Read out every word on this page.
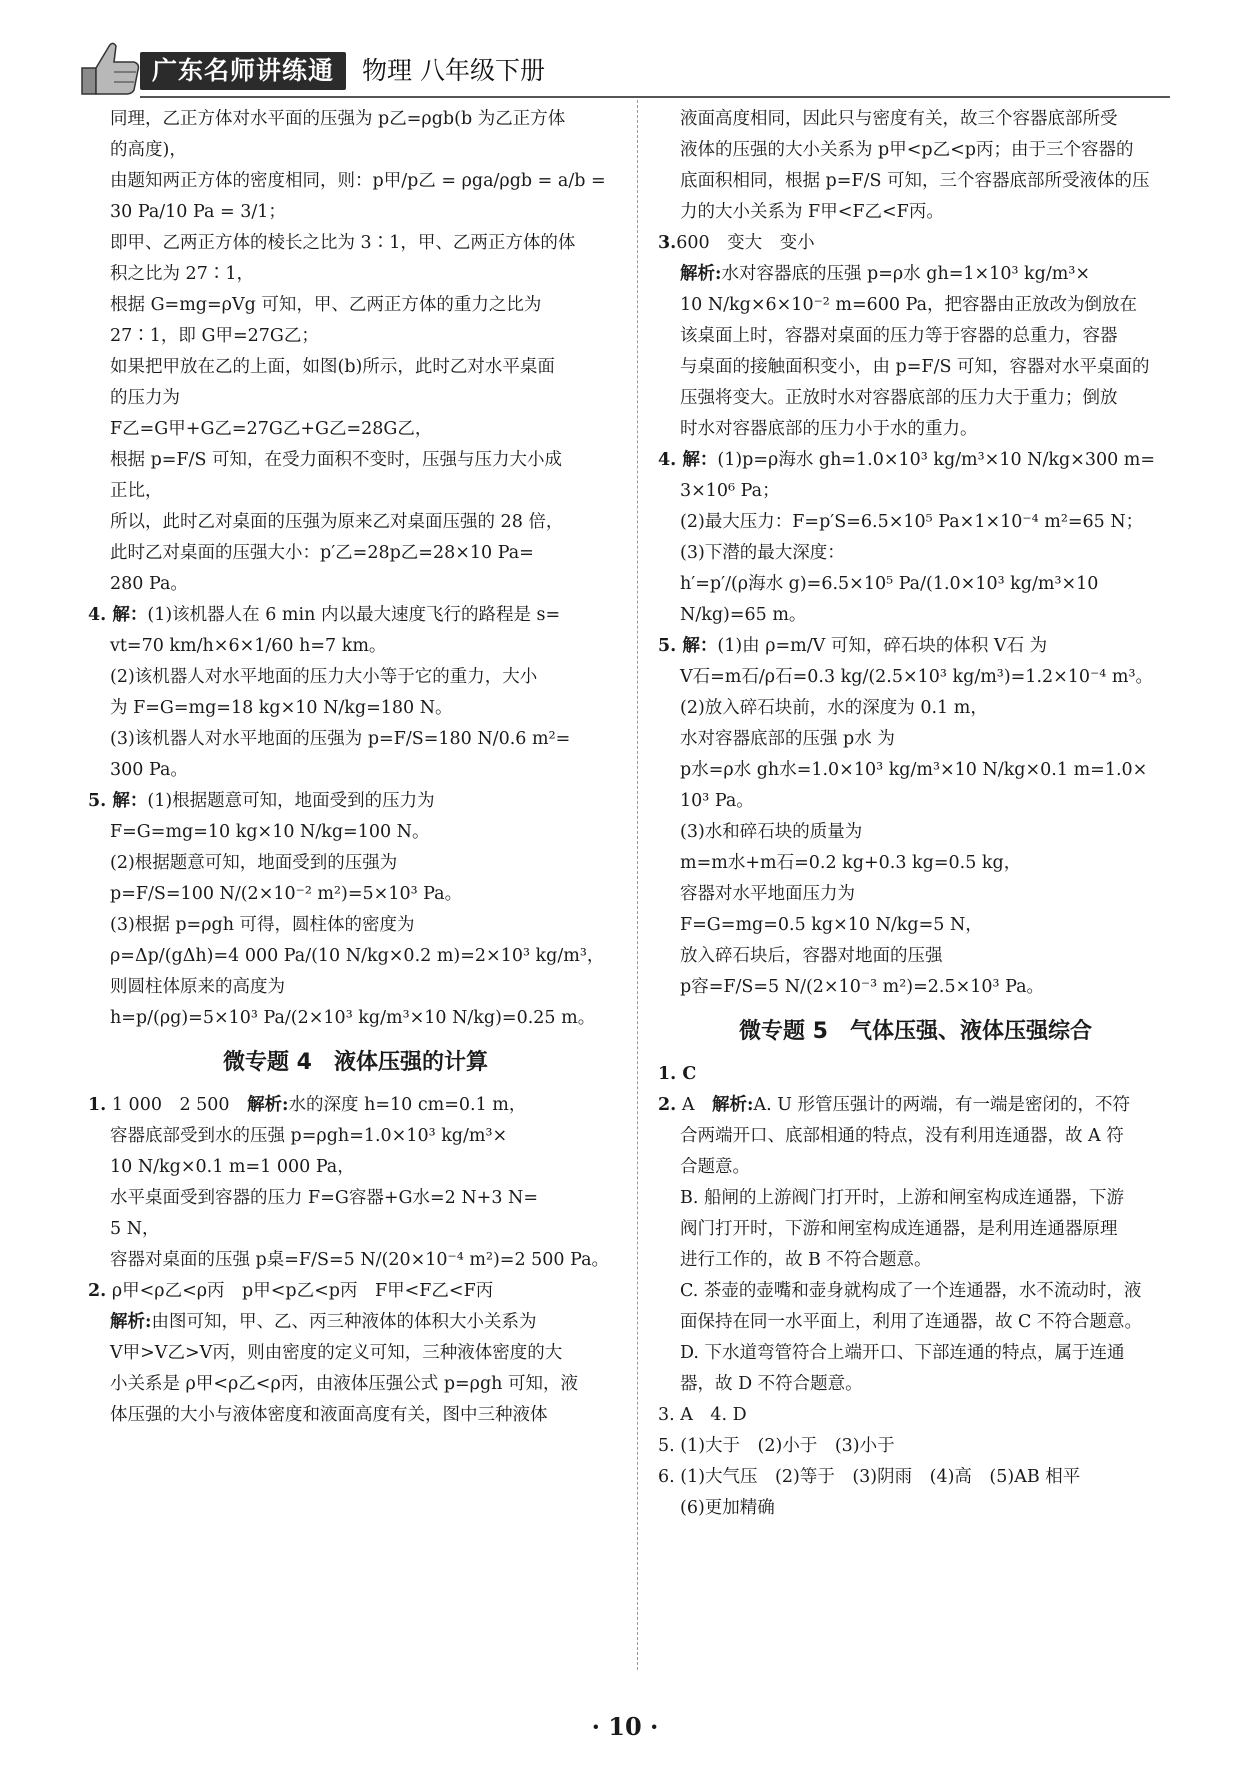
广东名师讲练通	物理 八年级下册

同理，乙正方体对水平面的压强为 p乙=ρgb(b 为乙正方体

的高度)，

由题知两正方体的密度相同，则：p甲/p乙 = ρga/ρgb = a/b =

30 Pa/10 Pa = 3/1；

即甲、乙两正方体的棱长之比为 3∶1，甲、乙两正方体的体

积之比为 27∶1，

根据 G=mg=ρVg 可知，甲、乙两正方体的重力之比为

27∶1，即 G甲=27G乙；

如果把甲放在乙的上面，如图(b)所示，此时乙对水平桌面

的压力为

F乙=G甲+G乙=27G乙+G乙=28G乙，

根据 p=F/S 可知，在受力面积不变时，压强与压力大小成

正比，

所以，此时乙对桌面的压强为原来乙对桌面压强的 28 倍，

此时乙对桌面的压强大小：p′乙=28p乙=28×10 Pa=

280 Pa。

4. 解：(1)该机器人在 6 min 内以最大速度飞行的路程是 s=

vt=70 km/h×6×1/60 h=7 km。

(2)该机器人对水平地面的压力大小等于它的重力，大小

为 F=G=mg=18 kg×10 N/kg=180 N。

(3)该机器人对水平地面的压强为 p=F/S=180 N/0.6 m²=

300 Pa。

5. 解：(1)根据题意可知，地面受到的压力为

F=G=mg=10 kg×10 N/kg=100 N。

(2)根据题意可知，地面受到的压强为

p=F/S=100 N/(2×10⁻² m²)=5×10³ Pa。

(3)根据 p=ρgh 可得，圆柱体的密度为

ρ=Δp/(gΔh)=4 000 Pa/(10 N/kg×0.2 m)=2×10³ kg/m³，

则圆柱体原来的高度为

h=p/(ρg)=5×10³ Pa/(2×10³ kg/m³×10 N/kg)=0.25 m。

微专题 4　液体压强的计算

1. 1 000　2 500　 解析:水的深度 h=10 cm=0.1 m，

容器底部受到水的压强 p=ρgh=1.0×10³ kg/m³×

10 N/kg×0.1 m=1 000 Pa，

水平桌面受到容器的压力 F=G容器+G水=2 N+3 N=

5 N，

容器对桌面的压强 p桌=F/S=5 N/(20×10⁻⁴ m²)=2 500 Pa。

2. ρ甲<ρ乙<ρ丙　p甲<p乙<p丙　F甲<F乙<F丙

解析:由图可知，甲、乙、丙三种液体的体积大小关系为

V甲>V乙>V丙，则由密度的定义可知，三种液体密度的大

小关系是 ρ甲<ρ乙<ρ丙，由液体压强公式 p=ρgh 可知，液

体压强的大小与液体密度和液面高度有关，图中三种液体

液面高度相同，因此只与密度有关，故三个容器底部所受

液体的压强的大小关系为 p甲<p乙<p丙；由于三个容器的

底面积相同，根据 p=F/S 可知，三个容器底部所受液体的压

力的大小关系为 F甲<F乙<F丙。

3.600　变大　变小

解析:水对容器底的压强 p=ρ水 gh=1×10³ kg/m³×

10 N/kg×6×10⁻² m=600 Pa，把容器由正放改为倒放在

该桌面上时，容器对桌面的压力等于容器的总重力，容器

与桌面的接触面积变小，由 p=F/S 可知，容器对水平桌面的

压强将变大。正放时水对容器底部的压力大于重力；倒放

时水对容器底部的压力小于水的重力。

4. 解：(1)p=ρ海水 gh=1.0×10³ kg/m³×10 N/kg×300 m=

3×10⁶ Pa；

(2)最大压力：F=p′S=6.5×10⁵ Pa×1×10⁻⁴ m²=65 N；

(3)下潜的最大深度：

h′=p′/(ρ海水 g)=6.5×10⁵ Pa/(1.0×10³ kg/m³×10 N/kg)=65 m。

5. 解：(1)由 ρ=m/V 可知，碎石块的体积 V石 为

V石=m石/ρ石=0.3 kg/(2.5×10³ kg/m³)=1.2×10⁻⁴ m³。

(2)放入碎石块前，水的深度为 0.1 m，

水对容器底部的压强 p水 为

p水=ρ水 gh水=1.0×10³ kg/m³×10 N/kg×0.1 m=1.0×

10³ Pa。

(3)水和碎石块的质量为

m=m水+m石=0.2 kg+0.3 kg=0.5 kg，

容器对水平地面压力为

F=G=mg=0.5 kg×10 N/kg=5 N，

放入碎石块后，容器对地面的压强

p容=F/S=5 N/(2×10⁻³ m²)=2.5×10³ Pa。

微专题 5　气体压强、液体压强综合

1. C

2. A　 解析:A. U 形管压强计的两端，有一端是密闭的，不符

合两端开口、底部相通的特点，没有利用连通器，故 A 符

合题意。

B. 船闸的上游阀门打开时，上游和闸室构成连通器，下游

阀门打开时，下游和闸室构成连通器，是利用连通器原理

进行工作的，故 B 不符合题意。

C. 茶壶的壶嘴和壶身就构成了一个连通器，水不流动时，液

面保持在同一水平面上，利用了连通器，故 C 不符合题意。

D. 下水道弯管符合上端开口、下部连通的特点，属于连通

器，故 D 不符合题意。

3. A　4. D

5. (1)大于　(2)小于　(3)小于

6. (1)大气压　(2)等于　(3)阴雨　(4)高　(5)AB 相平

(6)更加精确

· 10 ·
